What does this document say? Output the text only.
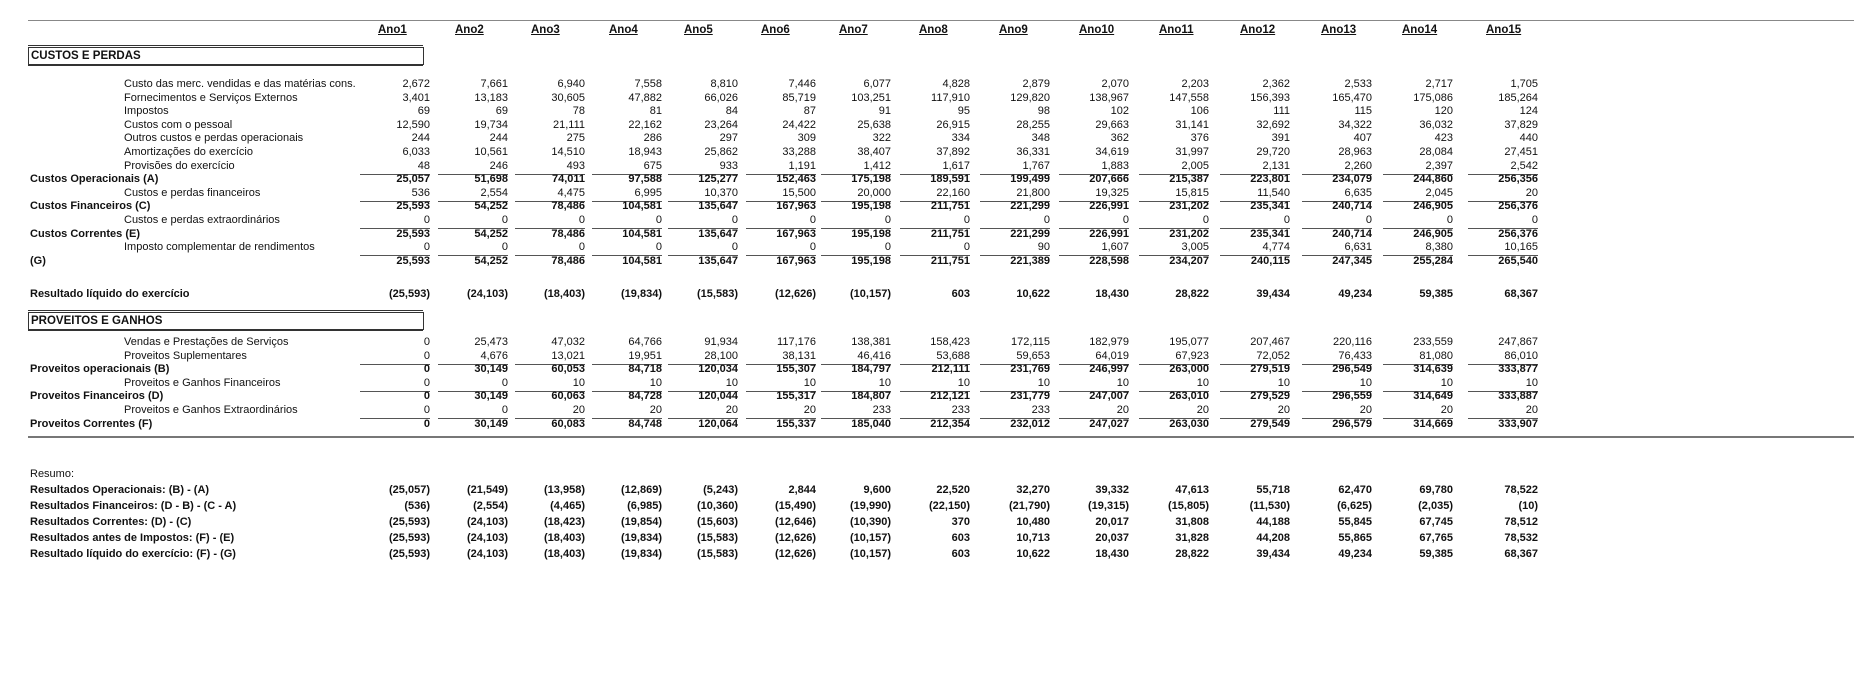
Ano1	Ano2	Ano3	Ano4	Ano5	Ano6	Ano7	Ano8	Ano9	Ano10	Ano11	Ano12	Ano13	Ano14	Ano15
CUSTOS E PERDAS
Custo das merc. vendidas e das matérias cons.	2,672	7,661	6,940	7,558	8,810	7,446	6,077	4,828	2,879	2,070	2,203	2,362	2,533	2,717	1,705
Fornecimentos e Serviços Externos	3,401	13,183	30,605	47,882	66,026	85,719	103,251	117,910	129,820	138,967	147,558	156,393	165,470	175,086	185,264
Impostos	69	69	78	81	84	87	91	95	98	102	106	111	115	120	124
Custos com o pessoal	12,590	19,734	21,111	22,162	23,264	24,422	25,638	26,915	28,255	29,663	31,141	32,692	34,322	36,032	37,829
Outros custos e perdas operacionais	244	244	275	286	297	309	322	334	348	362	376	391	407	423	440
Amortizações do exercício	6,033	10,561	14,510	18,943	25,862	33,288	38,407	37,892	36,331	34,619	31,997	29,720	28,963	28,084	27,451
Provisões do exercício	48	246	493	675	933	1,191	1,412	1,617	1,767	1,883	2,005	2,131	2,260	2,397	2,542
Custos Operacionais (A)	25,057	51,698	74,011	97,588	125,277	152,463	175,198	189,591	199,499	207,666	215,387	223,801	234,079	244,860	256,356
Custos e perdas financeiros	536	2,554	4,475	6,995	10,370	15,500	20,000	22,160	21,800	19,325	15,815	11,540	6,635	2,045	20
Custos Financeiros (C)	25,593	54,252	78,486	104,581	135,647	167,963	195,198	211,751	221,299	226,991	231,202	235,341	240,714	246,905	256,376
Custos e perdas extraordinários	0	0	0	0	0	0	0	0	0	0	0	0	0	0	0
Custos Correntes (E)	25,593	54,252	78,486	104,581	135,647	167,963	195,198	211,751	221,299	226,991	231,202	235,341	240,714	246,905	256,376
Imposto complementar de rendimentos	0	0	0	0	0	0	0	0	90	1,607	3,005	4,774	6,631	8,380	10,165
(G)	25,593	54,252	78,486	104,581	135,647	167,963	195,198	211,751	221,389	228,598	234,207	240,115	247,345	255,284	265,540
Resultado líquido do exercício	(25,593)	(24,103)	(18,403)	(19,834)	(15,583)	(12,626)	(10,157)	603	10,622	18,430	28,822	39,434	49,234	59,385	68,367
PROVEITOS E GANHOS
Vendas e Prestações de Serviços	0	25,473	47,032	64,766	91,934	117,176	138,381	158,423	172,115	182,979	195,077	207,467	220,116	233,559	247,867
Proveitos Suplementares	0	4,676	13,021	19,951	28,100	38,131	46,416	53,688	59,653	64,019	67,923	72,052	76,433	81,080	86,010
Proveitos operacionais (B)	0	30,149	60,053	84,718	120,034	155,307	184,797	212,111	231,769	246,997	263,000	279,519	296,549	314,639	333,877
Proveitos e Ganhos Financeiros	0	0	10	10	10	10	10	10	10	10	10	10	10	10	10
Proveitos Financeiros (D)	0	30,149	60,063	84,728	120,044	155,317	184,807	212,121	231,779	247,007	263,010	279,529	296,559	314,649	333,887
Proveitos e Ganhos Extraordinários	0	0	20	20	20	20	233	233	233	20	20	20	20	20	20
Proveitos Correntes (F)	0	30,149	60,083	84,748	120,064	155,337	185,040	212,354	232,012	247,027	263,030	279,549	296,579	314,669	333,907
Resumo:
Resultados Operacionais: (B) - (A)	(25,057)	(21,549)	(13,958)	(12,869)	(5,243)	2,844	9,600	22,520	32,270	39,332	47,613	55,718	62,470	69,780	78,522
Resultados Financeiros: (D - B) - (C - A)	(536)	(2,554)	(4,465)	(6,985)	(10,360)	(15,490)	(19,990)	(22,150)	(21,790)	(19,315)	(15,805)	(11,530)	(6,625)	(2,035)	(10)
Resultados Correntes: (D) - (C)	(25,593)	(24,103)	(18,423)	(19,854)	(15,603)	(12,646)	(10,390)	370	10,480	20,017	31,808	44,188	55,845	67,745	78,512
Resultados antes de Impostos: (F) - (E)	(25,593)	(24,103)	(18,403)	(19,834)	(15,583)	(12,626)	(10,157)	603	10,713	20,037	31,828	44,208	55,865	67,765	78,532
Resultado líquido do exercício: (F) - (G)	(25,593)	(24,103)	(18,403)	(19,834)	(15,583)	(12,626)	(10,157)	603	10,622	18,430	28,822	39,434	49,234	59,385	68,367
